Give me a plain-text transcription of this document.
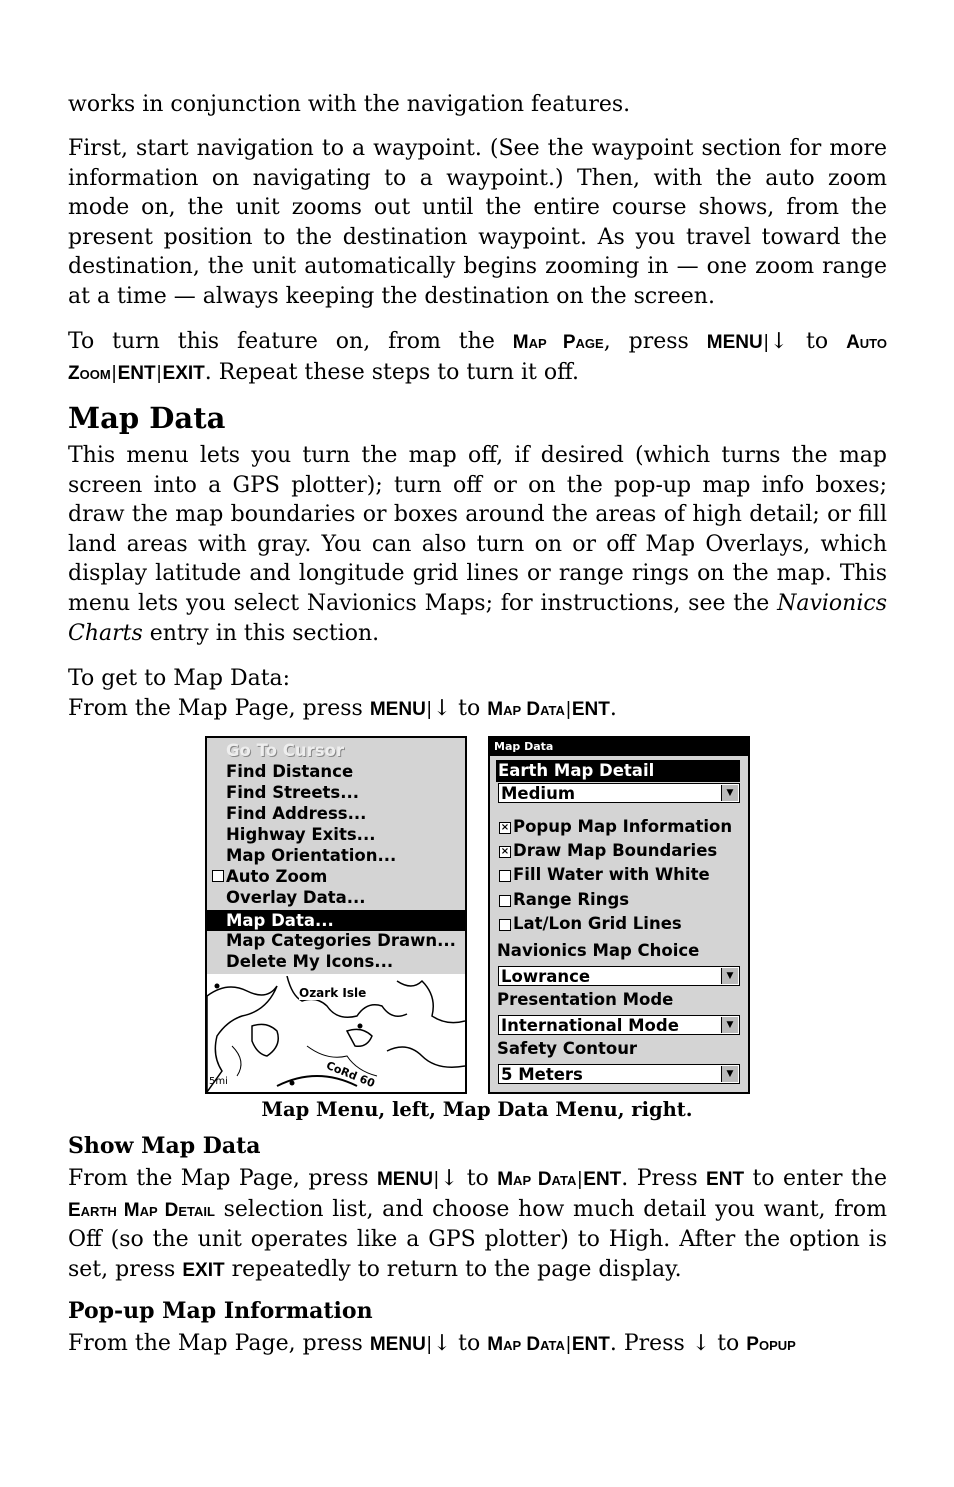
works in conjunction with the navigation features.

First, start navigation to a waypoint. (See the waypoint section for more information on navigating to a waypoint.) Then, with the auto zoom mode on, the unit zooms out until the entire course shows, from the present position to the destination waypoint. As you travel toward the destination, the unit automatically begins zooming in — one zoom range at a time — always keeping the destination on the screen.

To turn this feature on, from the Map Page, press MENU|↓ to Auto Zoom|ENT|EXIT. Repeat these steps to turn it off.

Map Data

This menu lets you turn the map off, if desired (which turns the map screen into a GPS plotter); turn off or on the pop-up map info boxes; draw the map boundaries or boxes around the areas of high detail; or fill land areas with gray. You can also turn on or off Map Overlays, which display latitude and longitude grid lines or range rings on the map. This menu lets you select Navionics Maps; for instructions, see the Navionics Charts entry in this section.

To get to Map Data:
From the Map Page, press MENU|↓ to Map Data|ENT.

Go To Cursor
Find Distance
Find Streets...
Find Address...
Highway Exits...
Map Orientation...
Auto Zoom
Overlay Data...
Map Data...
Map Categories Drawn...
Delete My Icons...
Ozark Isle
5mi	CoRd 60
Map Data
Earth Map Detail
Medium	▼
× Popup Map Information
× Draw Map Boundaries
Fill Water with White
Range Rings
Lat/Lon Grid Lines
Navionics Map Choice
Lowrance	▼
Presentation Mode
International Mode	▼
Safety Contour
5 Meters	▼
Map Menu, left, Map Data Menu, right.
Show Map Data

From the Map Page, press MENU|↓ to Map Data|ENT. Press ENT to enter the Earth Map Detail selection list, and choose how much detail you want, from Off (so the unit operates like a GPS plotter) to High. After the option is set, press EXIT repeatedly to return to the page display.

Pop-up Map Information

From the Map Page, press MENU|↓ to Map Data|ENT. Press ↓ to Popup
